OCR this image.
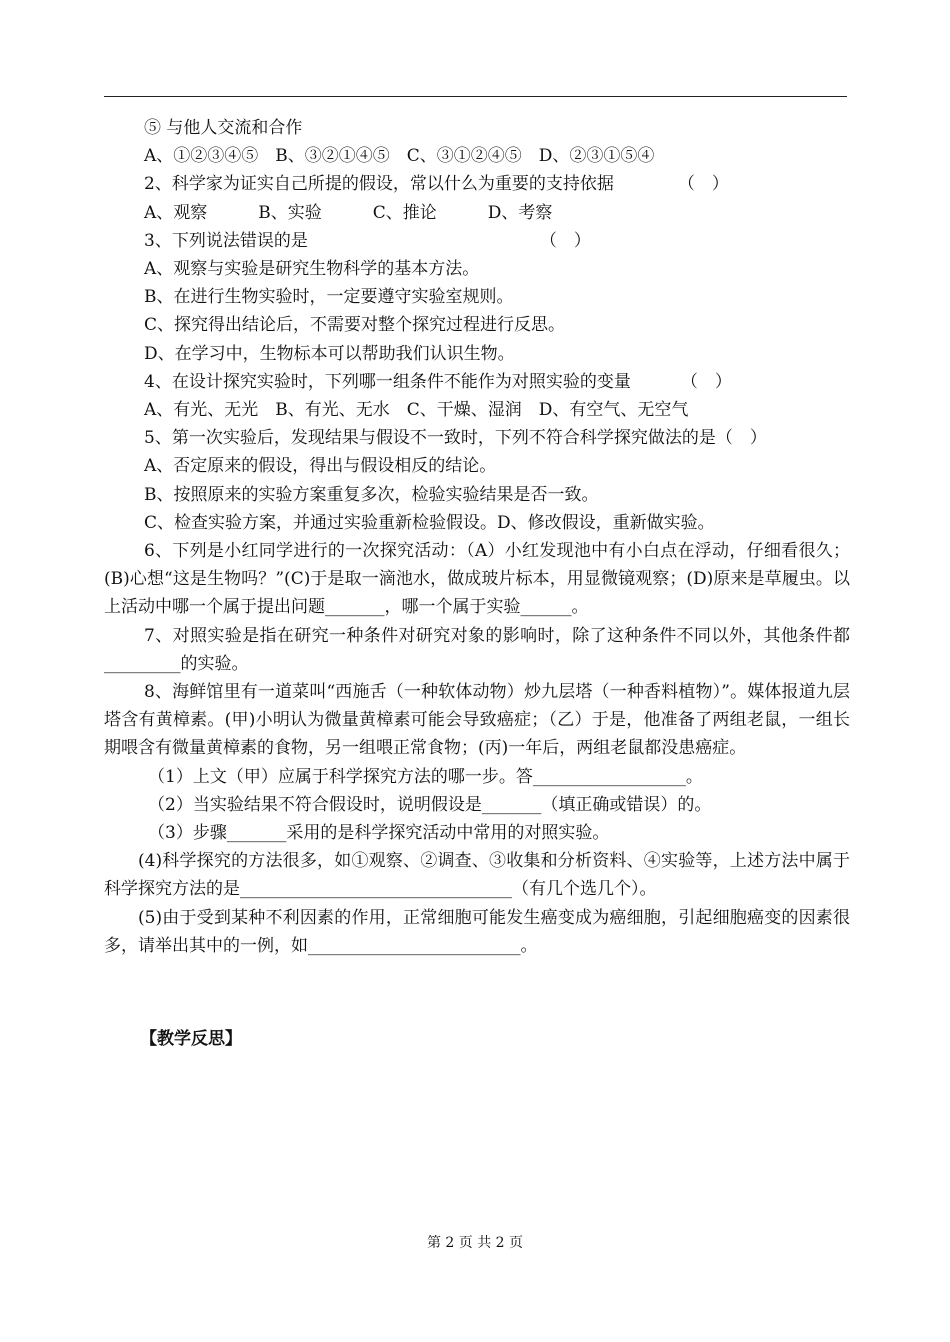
⑤ 与他人交流和合作
A、①②③④⑤　B、③②①④⑤　C、③①②④⑤　D、②③①⑤④
2、科学家为证实自己所提的假设，常以什么为重要的支持依据	（　）
A、观察　　　B、实验　　　C、推论　　　D、考察
3、下列说法错误的是	（　）
A、观察与实验是研究生物科学的基本方法。
B、在进行生物实验时，一定要遵守实验室规则。
C、探究得出结论后，不需要对整个探究过程进行反思。
D、在学习中，生物标本可以帮助我们认识生物。
4、在设计探究实验时，下列哪一组条件不能作为对照实验的变量	（　）
A、有光、无光　B、有光、无水　C、干燥、湿润　D、有空气、无空气
5、第一次实验后，发现结果与假设不一致时，下列不符合科学探究做法的是（　）
A、否定原来的假设，得出与假设相反的结论。
B、按照原来的实验方案重复多次，检验实验结果是否一致。
C、检查实验方案，并通过实验重新检验假设。D、修改假设，重新做实验。
6、下列是小红同学进行的一次探究活动：（A）小红发现池中有小白点在浮动，仔细看很久；(B)心想“这是生物吗？”(C)于是取一滴池水，做成玻片标本，用显微镜观察；(D)原来是草履虫。以上活动中哪一个属于提出问题_______，哪一个属于实验______。
7、对照实验是指在研究一种条件对研究对象的影响时，除了这种条件不同以外，其他条件都_________的实验。
8、海鲜馆里有一道菜叫“西施舌（一种软体动物）炒九层塔（一种香料植物）”。媒体报道九层塔含有黄樟素。(甲)小明认为微量黄樟素可能会导致癌症；（乙）于是，他准备了两组老鼠，一组长期喂含有微量黄樟素的食物，另一组喂正常食物；(丙)一年后，两组老鼠都没患癌症。
（1）上文（甲）应属于科学探究方法的哪一步。答__________________。
（2）当实验结果不符合假设时，说明假设是_______（填正确或错误）的。
（3）步骤_______采用的是科学探究活动中常用的对照实验。
(4)科学探究的方法很多，如①观察、②调查、③收集和分析资料、④实验等，上述方法中属于科学探究方法的是________________________________（有几个选几个）。
(5)由于受到某种不利因素的作用，正常细胞可能发生癌变成为癌细胞，引起细胞癌变的因素很多，请举出其中的一例，如_________________________。
【教学反思】
第 2 页 共 2 页
